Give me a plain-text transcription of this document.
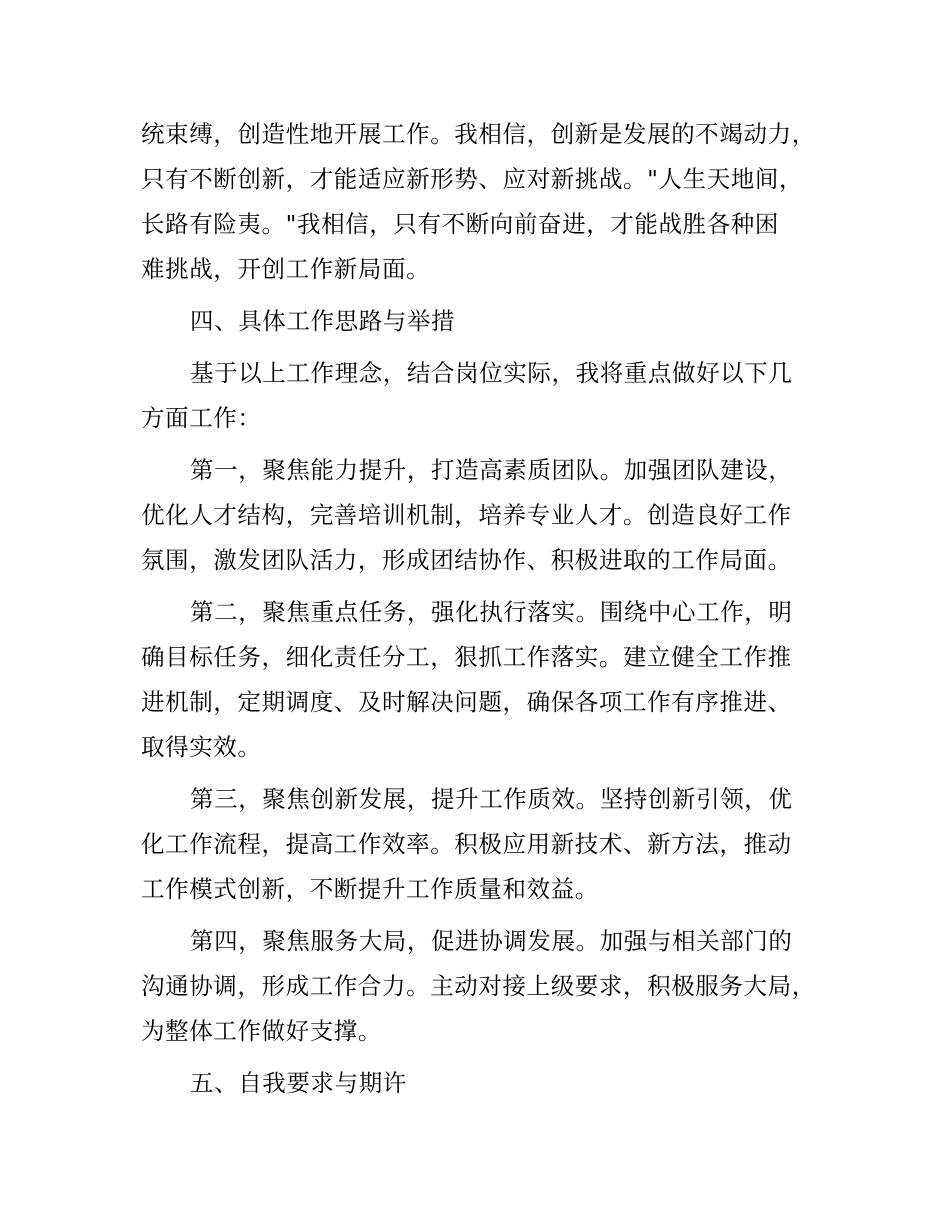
统束缚，创造性地开展工作。我相信，创新是发展的不竭动力，
只有不断创新，才能适应新形势、应对新挑战。"人生天地间，
长路有险夷。"我相信，只有不断向前奋进，才能战胜各种困
难挑战，开创工作新局面。
四、具体工作思路与举措
基于以上工作理念，结合岗位实际，我将重点做好以下几
方面工作：
第一，聚焦能力提升，打造高素质团队。加强团队建设，
优化人才结构，完善培训机制，培养专业人才。创造良好工作
氛围，激发团队活力，形成团结协作、积极进取的工作局面。
第二，聚焦重点任务，强化执行落实。围绕中心工作，明
确目标任务，细化责任分工，狠抓工作落实。建立健全工作推
进机制，定期调度、及时解决问题，确保各项工作有序推进、
取得实效。
第三，聚焦创新发展，提升工作质效。坚持创新引领，优
化工作流程，提高工作效率。积极应用新技术、新方法，推动
工作模式创新，不断提升工作质量和效益。
第四，聚焦服务大局，促进协调发展。加强与相关部门的
沟通协调，形成工作合力。主动对接上级要求，积极服务大局，
为整体工作做好支撑。
五、自我要求与期许
